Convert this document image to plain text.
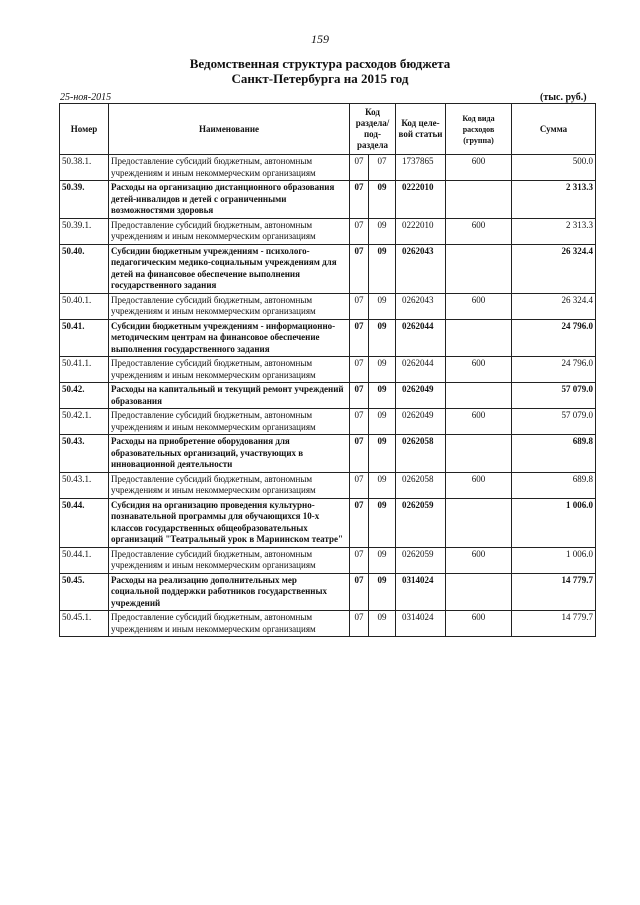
159
Ведомственная структура расходов бюджета
Санкт-Петербурга на 2015 год
25-ноя-2015	(тыс. руб.)
Номер	Наименование	Код раздела/ под-раздела		Код целе-вой статьи	Код вида расходов (группа)	Сумма
50.38.1.	Предоставление субсидий бюджетным, автономным учреждениям и иным некоммерческим организациям	07	07	1737865	600	500.0
50.39.	Расходы на организацию дистанционного образования детей-инвалидов и детей с ограниченными возможностями здоровья	07	09	0222010		2 313.3
50.39.1.	Предоставление субсидий бюджетным, автономным учреждениям и иным некоммерческим организациям	07	09	0222010	600	2 313.3
50.40.	Субсидии бюджетным учреждениям - психолого-педагогическим медико-социальным учреждениям для детей на финансовое обеспечение выполнения государственного задания	07	09	0262043		26 324.4
50.40.1.	Предоставление субсидий бюджетным, автономным учреждениям и иным некоммерческим организациям	07	09	0262043	600	26 324.4
50.41.	Субсидии бюджетным учреждениям - информационно-методическим центрам на финансовое обеспечение выполнения государственного задания	07	09	0262044		24 796.0
50.41.1.	Предоставление субсидий бюджетным, автономным учреждениям и иным некоммерческим организациям	07	09	0262044	600	24 796.0
50.42.	Расходы на капитальный и текущий ремонт учреждений образования	07	09	0262049		57 079.0
50.42.1.	Предоставление субсидий бюджетным, автономным учреждениям и иным некоммерческим организациям	07	09	0262049	600	57 079.0
50.43.	Расходы на приобретение оборудования для образовательных организаций, участвующих в инновационной деятельности	07	09	0262058		689.8
50.43.1.	Предоставление субсидий бюджетным, автономным учреждениям и иным некоммерческим организациям	07	09	0262058	600	689.8
50.44.	Субсидия на организацию проведения культурно-познавательной программы для обучающихся 10-х классов государственных общеобразовательных организаций "Театральный урок в Мариинском театре"	07	09	0262059		1 006.0
50.44.1.	Предоставление субсидий бюджетным, автономным учреждениям и иным некоммерческим организациям	07	09	0262059	600	1 006.0
50.45.	Расходы на реализацию дополнительных мер социальной поддержки работников государственных учреждений	07	09	0314024		14 779.7
50.45.1.	Предоставление субсидий бюджетным, автономным учреждениям и иным некоммерческим организациям	07	09	0314024	600	14 779.7
